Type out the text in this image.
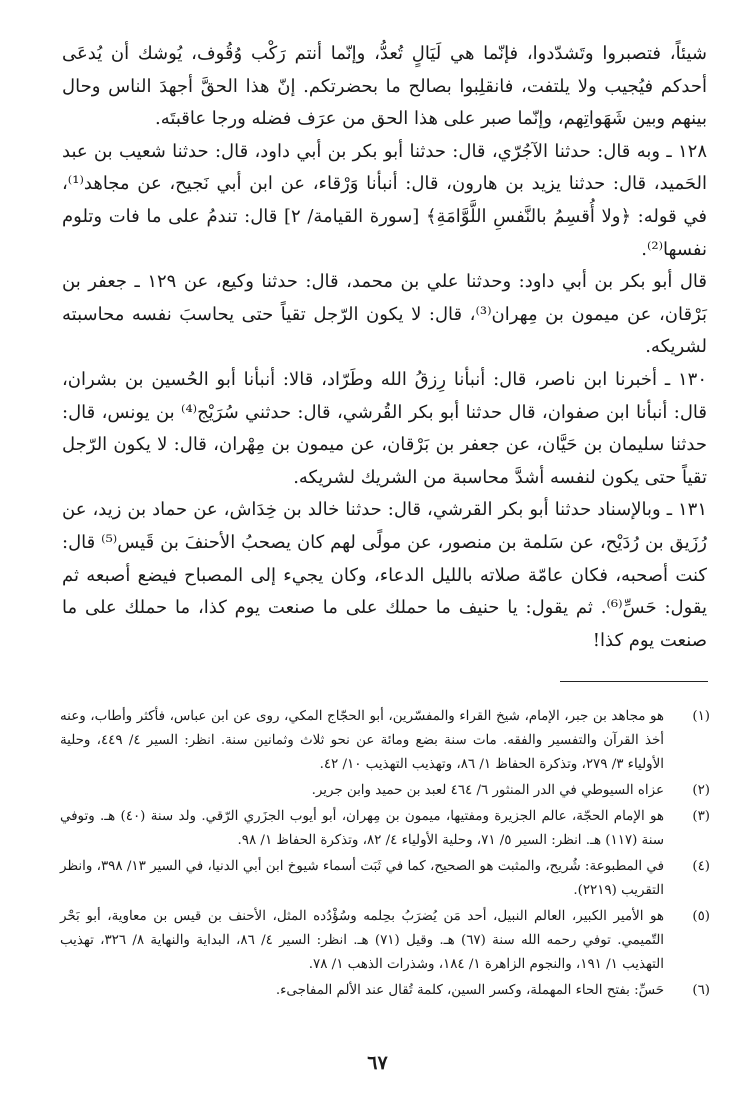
شيئاً، فتصبروا وتَشدّدوا، فإنّما هي لَيَالٍ تُعدُّ، وإنّما أنتم رَكْب وُقُوف، يُوشك أن يُدعَى أحدكم فيُجيب ولا يلتفت، فانقلِبوا بصالح ما بحضرتكم. إنّ هذا الحقَّ أجهدَ الناس وحال بينهم وبين شَهَواتِهم، وإنّما صبر على هذا الحق من عرَف فضله ورجا عاقبتَه.

١٢٨ ـ وبه قال: حدثنا الآجُرّي، قال: حدثنا أبو بكر بن أبي داود، قال: حدثنا شعيب بن عبد الحَميد، قال: حدثنا يزيد بن هارون، قال: أنبأنا وَرْقاء، عن ابن أبي نَجيح، عن مجاهد⁽¹⁾، في قوله: ﴿ولا أُقسِمُ بالنَّفسِ اللَّوَّامَةِ﴾ [سورة القيامة/ ٢] قال: تندمُ على ما فات وتلوم نفسها⁽²⁾.

قال أبو بكر بن أبي داود: وحدثنا علي بن محمد، قال: حدثنا وكيع، عن ١٢٩ ـ جعفر بن بَرْقان، عن ميمون بن مِهران⁽³⁾، قال: لا يكون الرّجل تقياً حتى يحاسبَ نفسه محاسبته لشريكه.

١٣٠ ـ أخبرنا ابن ناصر، قال: أنبأنا رِزقُ الله وطَرّاد، قالا: أنبأنا أبو الحُسين بن بشران، قال: أنبأنا ابن صفوان، قال حدثنا أبو بكر القُرشي، قال: حدثني سُرَيْج⁽⁴⁾ بن يونس، قال: حدثنا سليمان بن حَيَّان، عن جعفر بن بَرْقان، عن ميمون بن مِهْران، قال: لا يكون الرّجل تقياً حتى يكون لنفسه أشدَّ محاسبة من الشريك لشريكه.

١٣١ ـ وبالإسناد حدثنا أبو بكر القرشي، قال: حدثنا خالد بن خِدَاش، عن حماد بن زيد، عن رُزَيق بن رُدَيْح، عن سَلمة بن منصور، عن مولًى لهم كان يصحبُ الأحنفَ بن قَيس⁽⁵⁾ قال: كنت أصحبه، فكان عامّة صلاته بالليل الدعاء، وكان يجيء إلى المصباح فيضع أصبعه ثم يقول: حَسِّ⁽⁶⁾. ثم يقول: يا حنيف ما حملك على ما صنعت يوم كذا، ما حملك على ما صنعت يوم كذا!

(١)
هو مجاهد بن جبر، الإمام، شيخ القراء والمفسّرين، أبو الحجّاج المكي، روى عن ابن عباس، فأكثر وأطاب، وعنه أخذ القرآن والتفسير والفقه. مات سنة بضع ومائة عن نحو ثلاث وثمانين سنة. انظر: السير ٤/ ٤٤٩، وحلية الأولياء ٣/ ٢٧٩، وتذكرة الحفاظ ١/ ٨٦، وتهذيب التهذيب ١٠/ ٤٢.
(٢)
عزاه السيوطي في الدر المنثور ٦/ ٤٦٤ لعبد بن حميد وابن جرير.
(٣)
هو الإمام الحجّة، عالم الجزيرة ومفتيها، ميمون بن مِهران، أبو أيوب الجزَري الرّقي. ولد سنة (٤٠) هـ. وتوفي سنة (١١٧) هـ. انظر: السير ٥/ ٧١، وحلية الأولياء ٤/ ٨٢، وتذكرة الحفاظ ١/ ٩٨.
(٤)
في المطبوعة: شُريح، والمثبت هو الصحيح، كما في ثَبَت أسماء شيوخ ابن أبي الدنيا، في السير ١٣/ ٣٩٨، وانظر التقريب (٢٢١٩).
(٥)
هو الأمير الكبير، العالم النبيل، أحد مَن يُضرَبُ بحِلمه وسُؤْدُده المثل، الأحنف بن قيس بن معاوية، أبو بَحْر التّميمي. توفي رحمه الله سنة (٦٧) هـ. وقيل (٧١) هـ. انظر: السير ٤/ ٨٦، البداية والنهاية ٨/ ٣٢٦، تهذيب التهذيب ١/ ١٩١، والنجوم الزاهرة ١/ ١٨٤، وشذرات الذهب ١/ ٧٨.
(٦)
حَسِّ: بفتح الحاء المهملة، وكسر السين، كلمة تُقال عند الألم المفاجىء.
٦٧
